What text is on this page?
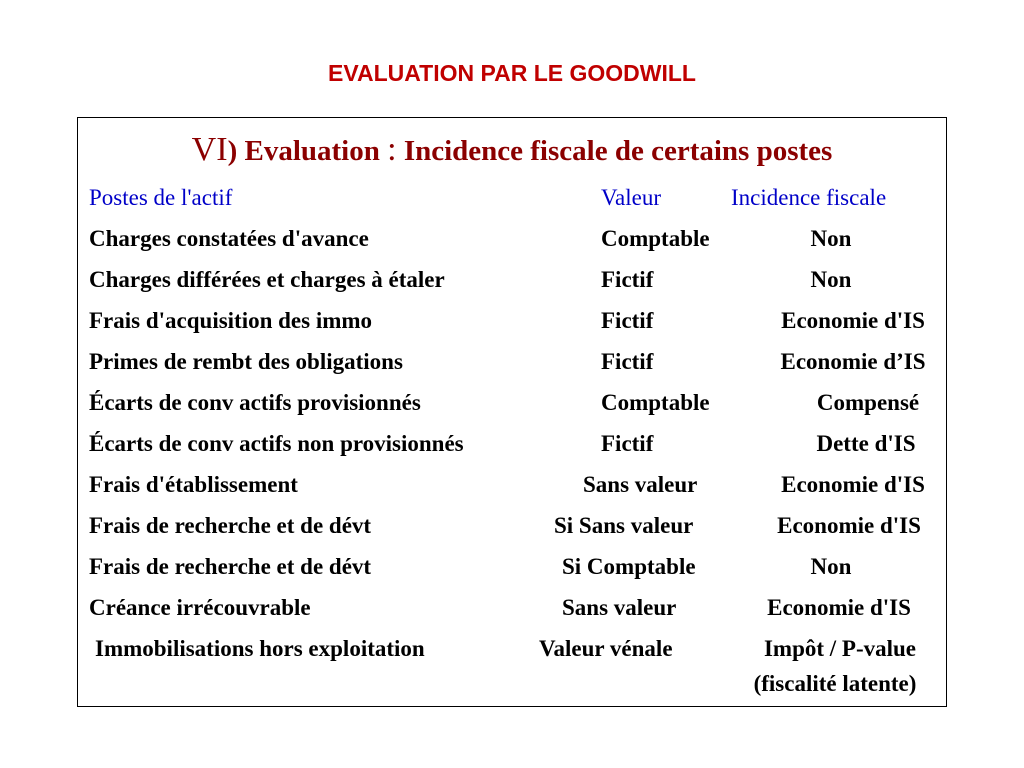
EVALUATION PAR LE GOODWILL
VI) Evaluation : Incidence fiscale de certains postes
Postes de l'actif	Valeur	Incidence fiscale
Charges constatées d'avance	Comptable	Non
Charges différées et charges à étaler	Fictif	Non
Frais d'acquisition des immo	Fictif	Economie d'IS
Primes de rembt des obligations	Fictif	Economie d’IS
Écarts de conv actifs provisionnés	Comptable	Compensé
Écarts de conv actifs non provisionnés	Fictif	Dette d'IS
Frais d'établissement	Sans valeur	Economie d'IS
Frais de recherche et de dévt	Si Sans valeur	Economie d'IS
Frais de recherche et de dévt	Si Comptable	Non
Créance irrécouvrable	Sans valeur	Economie d'IS
Immobilisations hors exploitation	Valeur vénale	Impôt / P-value
(fiscalité latente)
